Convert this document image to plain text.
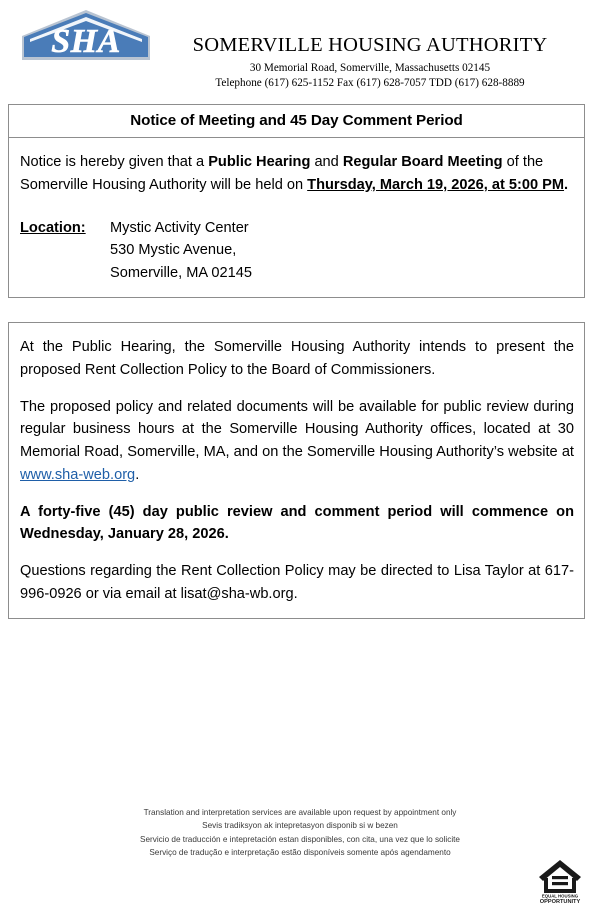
SHA	SOMERVILLE HOUSING AUTHORITY
30 Memorial Road, Somerville, Massachusetts 02145
Telephone (617) 625-1152 Fax (617) 628-7057 TDD (617) 628-8889
Notice of Meeting and 45 Day Comment Period

Notice is hereby given that a Public Hearing and Regular Board Meeting of the Somerville Housing Authority will be held on Thursday, March 19, 2026, at 5:00 PM.

Location:	Mystic Activity Center
530 Mystic Avenue,
Somerville, MA 02145

At the Public Hearing, the Somerville Housing Authority intends to present the proposed Rent Collection Policy to the Board of Commissioners.

The proposed policy and related documents will be available for public review during regular business hours at the Somerville Housing Authority offices, located at 30 Memorial Road, Somerville, MA, and on the Somerville Housing Authority’s website at www.sha-web.org.

A forty-five (45) day public review and comment period will commence on Wednesday, January 28, 2026.

Questions regarding the Rent Collection Policy may be directed to Lisa Taylor at 617-996-0926 or via email at lisat@sha-wb.org.

Translation and interpretation services are available upon request by appointment only
Sevis tradiksyon ak intepretasyon disponib si w bezen
Servicio de traducción e intepretación estan disponibles, con cita, una vez que lo solicite
Serviço de tradução e interpretação estão disponíveis somente após agendamento
EQUAL HOUSING
OPPORTUNITY
